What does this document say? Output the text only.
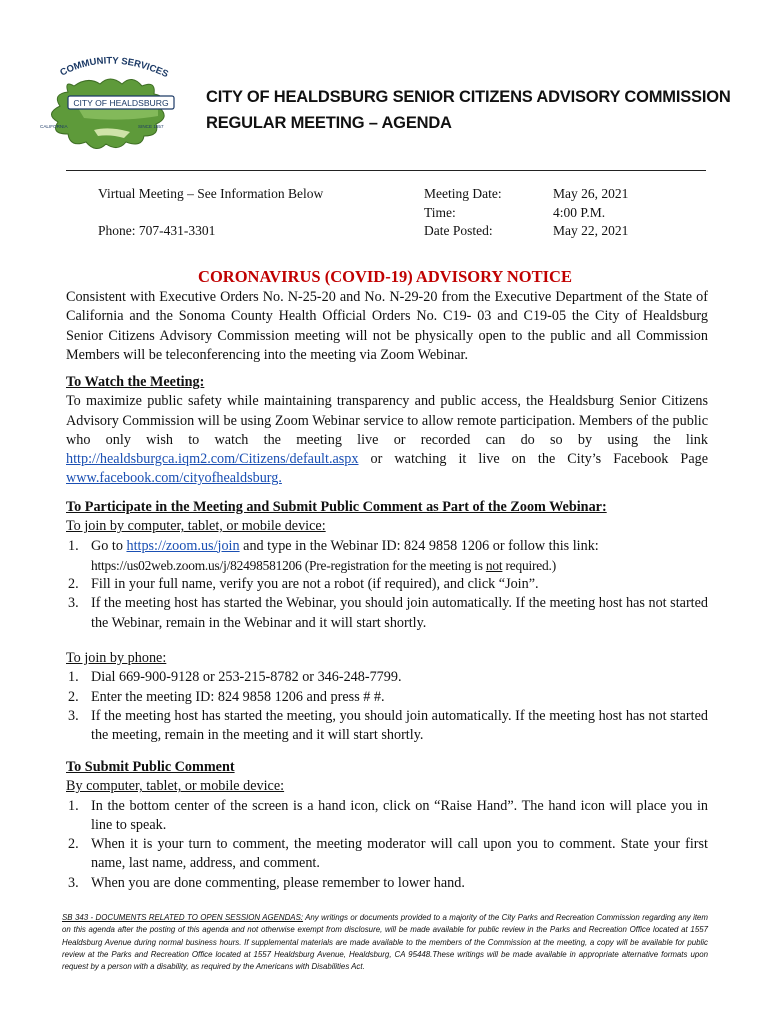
COMMUNITY SERVICES
CITY OF HEALDSBURG
CALIFORNIA	SINCE 1857
CITY OF HEALDSBURG SENIOR CITIZENS ADVISORY COMMISSION
REGULAR MEETING – AGENDA
Virtual Meeting – See Information Below
Phone: 707-431-3301
Meeting Date:
Time:
Date Posted:
May 26, 2021
4:00 P.M.
May 22, 2021
CORONAVIRUS (COVID-19) ADVISORY NOTICE
Consistent with Executive Orders No. N-25-20 and No. N-29-20 from the Executive Department of the State of California and the Sonoma County Health Official Orders No. C19- 03 and C19-05 the City of Healdsburg Senior Citizens Advisory Commission meeting will not be physically open to the public and all Commission Members will be teleconferencing into the meeting via Zoom Webinar.
To Watch the Meeting:
To maximize public safety while maintaining transparency and public access, the Healdsburg Senior Citizens Advisory Commission will be using Zoom Webinar service to allow remote participation. Members of the public who only wish to watch the meeting live or recorded can do so by using the link http://healdsburgca.iqm2.com/Citizens/default.aspx or watching it live on the City’s Facebook Page www.facebook.com/cityofhealdsburg.
To Participate in the Meeting and Submit Public Comment as Part of the Zoom Webinar:
To join by computer, tablet, or mobile device:
1. Go to https://zoom.us/join and type in the Webinar ID: 824 9858 1206 or follow this link:
https://us02web.zoom.us/j/82498581206 (Pre-registration for the meeting is not required.)
2. Fill in your full name, verify you are not a robot (if required), and click “Join”.
3. If the meeting host has started the Webinar, you should join automatically. If the meeting host has not started the Webinar, remain in the Webinar and it will start shortly.
To join by phone:
1. Dial 669-900-9128 or 253-215-8782 or 346-248-7799.
2. Enter the meeting ID: 824 9858 1206 and press # #.
3. If the meeting host has started the meeting, you should join automatically. If the meeting host has not started the meeting, remain in the meeting and it will start shortly.
To Submit Public Comment
By computer, tablet, or mobile device:
1. In the bottom center of the screen is a hand icon, click on “Raise Hand”. The hand icon will place you in line to speak.
2. When it is your turn to comment, the meeting moderator will call upon you to comment. State your first name, last name, address, and comment.
3. When you are done commenting, please remember to lower hand.
SB 343 - DOCUMENTS RELATED TO OPEN SESSION AGENDAS: Any writings or documents provided to a majority of the City Parks and Recreation Commission regarding any item on this agenda after the posting of this agenda and not otherwise exempt from disclosure, will be made available for public review in the Parks and Recreation Office located at 1557 Healdsburg Avenue during normal business hours. If supplemental materials are made available to the members of the Commission at the meeting, a copy will be available for public review at the Parks and Recreation Office located at 1557 Healdsburg Avenue, Healdsburg, CA 95448.These writings will be made available in appropriate alternative formats upon request by a person with a disability, as required by the Americans with Disabilities Act.
